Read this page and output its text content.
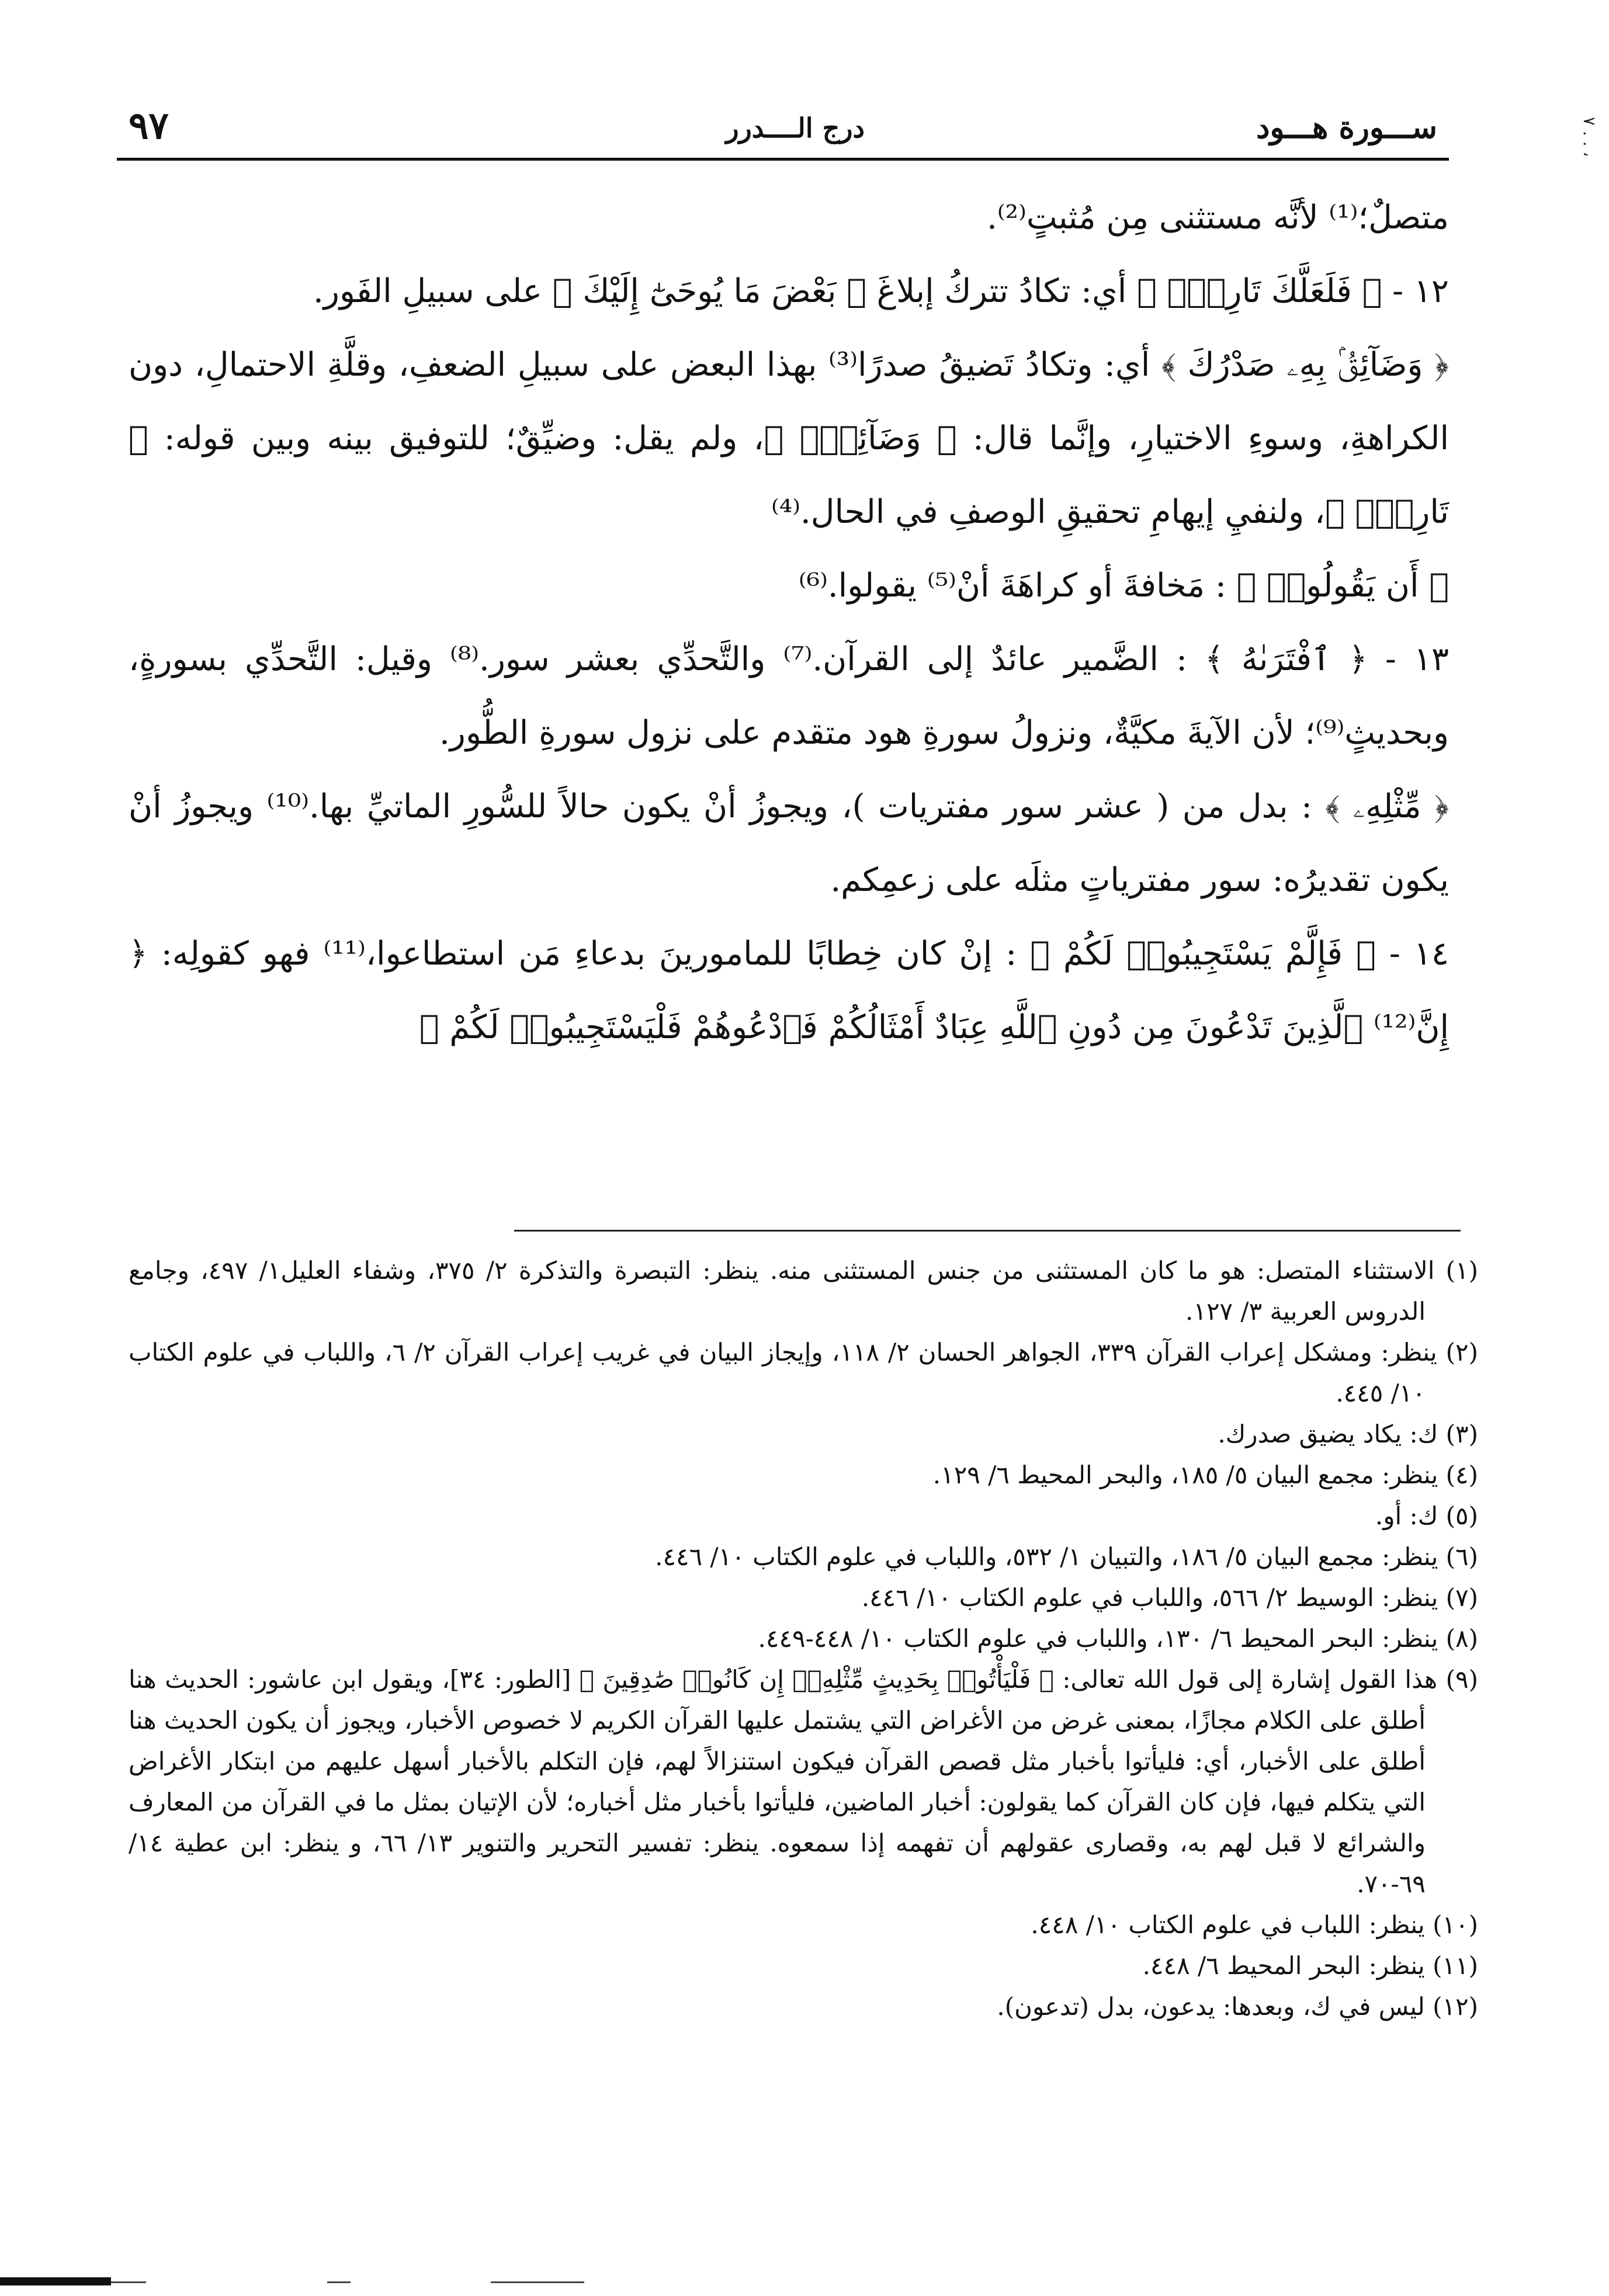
ســـورة هـــود
درج الــــدرر
٩٧	٧ . . ،

متصلٌ؛⁽¹⁾ لأنَّه مستثنى مِن مُثبتٍ⁽²⁾.

١٢ - ﴿ فَلَعَلَّكَ تَارِكُۢ ﴾ أي: تكادُ تتركُ إبلاغَ ﴿ بَعْضَ مَا يُوحَىٰٓ إِلَيْكَ ﴾ على سبيلِ الفَور.

﴿ وَضَآئِقُۢ بِهِۦ صَدْرُكَ ﴾ أي: وتكادُ تَضيقُ صدرًا⁽³⁾ بهذا البعض على سبيلِ الضعفِ، وقلَّةِ الاحتمالِ، دون الكراهةِ، وسوءِ الاختيارِ، وإنَّما قال: ﴿ وَضَآئِقُۢ ﴾، ولم يقل: وضيِّقٌ؛ للتوفيق بينه وبين قوله: ﴿ تَارِكُۢ ﴾، ولنفيِ إيهامِ تحقيقِ الوصفِ في الحال.⁽⁴⁾

﴿ أَن يَقُولُوا۟ ﴾ : مَخافةَ أو كراهَةَ أنْ⁽⁵⁾ يقولوا.⁽⁶⁾

١٣ - ﴿ ٱفْتَرَىٰهُ ﴾ : الضَّمير عائدٌ إلى القرآن.⁽⁷⁾ والتَّحدِّي بعشر سور.⁽⁸⁾ وقيل: التَّحدِّي بسورةٍ، وبحديثٍ⁽⁹⁾؛ لأن الآيةَ مكيَّةٌ، ونزولُ سورةِ هود متقدم على نزول سورةِ الطُّور.

﴿ مِّثْلِهِۦ ﴾ : بدل من ( عشر سور مفتريات )، ويجوزُ أنْ يكون حالاً للسُّورِ الماتيِّ بها.⁽¹⁰⁾ ويجوزُ أنْ يكون تقديرُه: سور مفترياتٍ مثلَه على زعمِكم.

١٤ - ﴿ فَإِلَّمْ يَسْتَجِيبُوا۟ لَكُمْ ﴾ : إنْ كان خِطابًا للمامورينَ بدعاءِ مَن استطاعوا،⁽¹¹⁾ فهو كقولِه: ﴿ إِنَّ⁽¹²⁾ ٱلَّذِينَ تَدْعُونَ مِن دُونِ ٱللَّهِ عِبَادٌ أَمْثَالُكُمْ فَٱدْعُوهُمْ فَلْيَسْتَجِيبُوا۟ لَكُمْ ﴾

(١) الاستثناء المتصل: هو ما كان المستثنى من جنس المستثنى منه. ينظر: التبصرة والتذكرة ٢/ ٣٧٥، وشفاء العليل١/ ٤٩٧، وجامع الدروس العربية ٣/ ١٢٧.

(٢) ينظر: ومشكل إعراب القرآن ٣٣٩، الجواهر الحسان ٢/ ١١٨، وإيجاز البيان في غريب إعراب القرآن ٢/ ٦، واللباب في علوم الكتاب ١٠/ ٤٤٥.

(٣) ك: يكاد يضيق صدرك.

(٤) ينظر: مجمع البيان ٥/ ١٨٥، والبحر المحيط ٦/ ١٢٩.

(٥) ك: أو.

(٦) ينظر: مجمع البيان ٥/ ١٨٦، والتبيان ١/ ٥٣٢، واللباب في علوم الكتاب ١٠/ ٤٤٦.

(٧) ينظر: الوسيط ٢/ ٥٦٦، واللباب في علوم الكتاب ١٠/ ٤٤٦.

(٨) ينظر: البحر المحيط ٦/ ١٣٠، واللباب في علوم الكتاب ١٠/ ٤٤٨-٤٤٩.

(٩) هذا القول إشارة إلى قول الله تعالى: ﴿ فَلْيَأْتُوا۟ بِحَدِيثٍ مِّثْلِهِۦٓ إِن كَانُوا۟ صَٰدِقِينَ ﴾ [الطور: ٣٤]، ويقول ابن عاشور: الحديث هنا أطلق على الكلام مجازًا، بمعنى غرض من الأغراض التي يشتمل عليها القرآن الكريم لا خصوص الأخبار، ويجوز أن يكون الحديث هنا أطلق على الأخبار، أي: فليأتوا بأخبار مثل قصص القرآن فيكون استنزالاً لهم، فإن التكلم بالأخبار أسهل عليهم من ابتكار الأغراض التي يتكلم فيها، فإن كان القرآن كما يقولون: أخبار الماضين، فليأتوا بأخبار مثل أخباره؛ لأن الإتيان بمثل ما في القرآن من المعارف والشرائع لا قبل لهم به، وقصارى عقولهم أن تفهمه إذا سمعوه. ينظر: تفسير التحرير والتنوير ١٣/ ٦٦، و ينظر: ابن عطية ١٤/ ٦٩-٧٠.

(١٠) ينظر: اللباب في علوم الكتاب ١٠/ ٤٤٨.

(١١) ينظر: البحر المحيط ٦/ ٤٤٨.

(١٢) ليس في ك، وبعدها: يدعون، بدل (تدعون).
